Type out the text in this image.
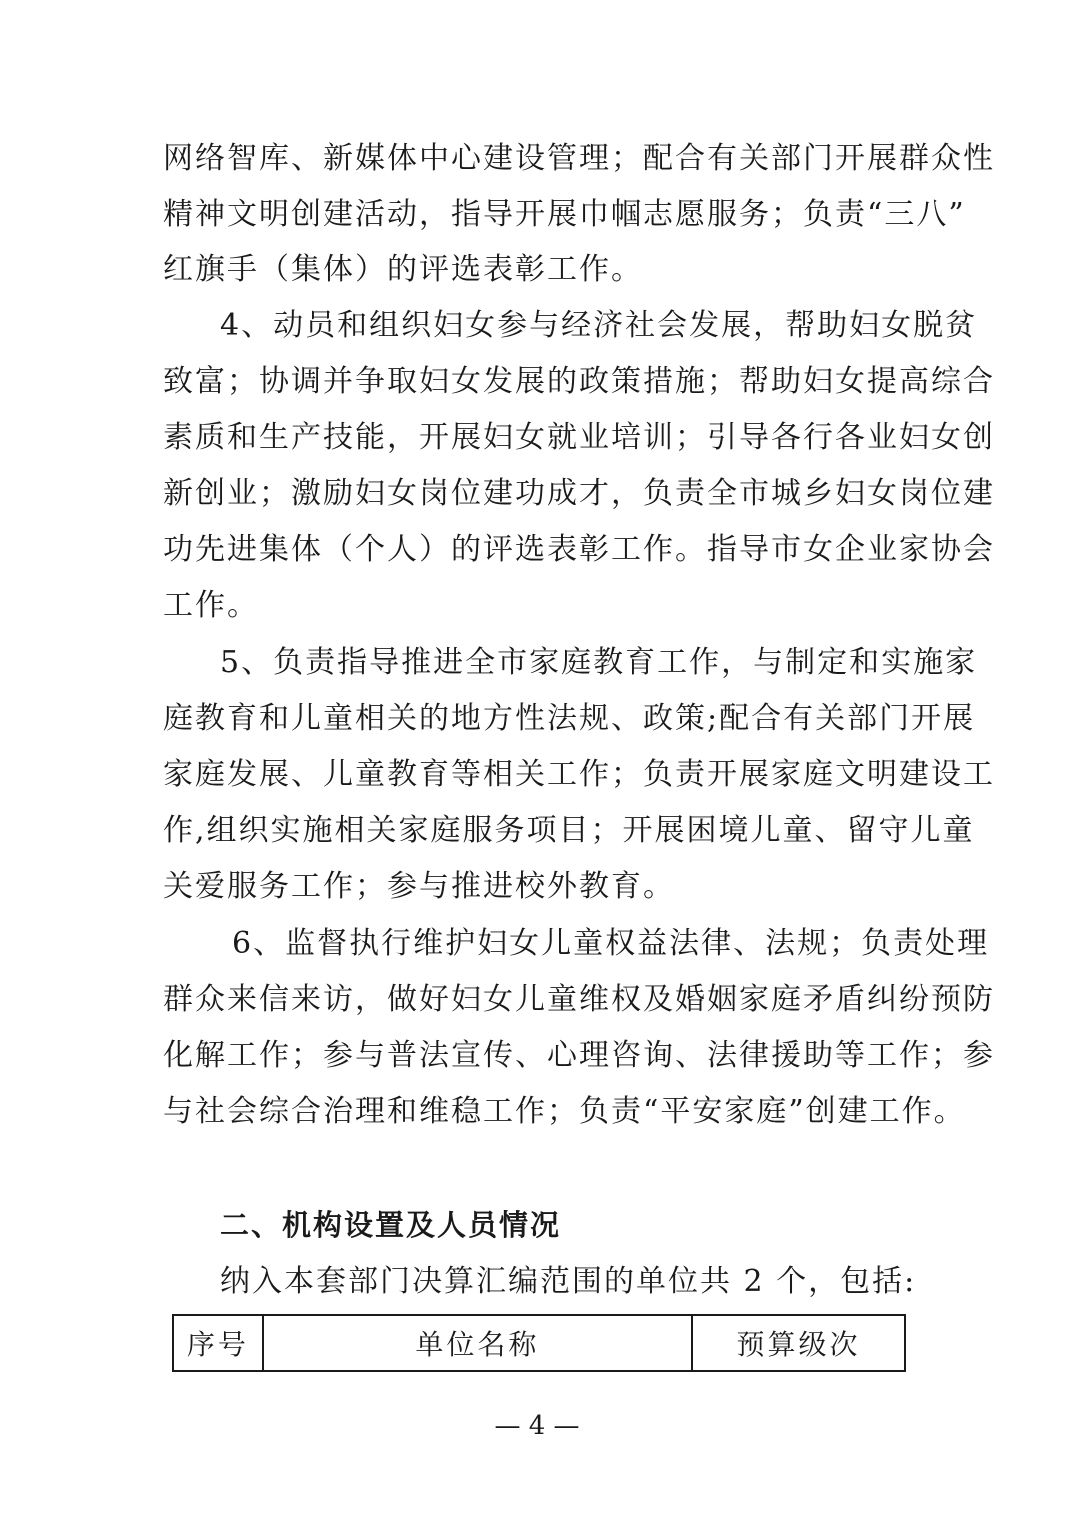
网络智库、新媒体中心建设管理；配合有关部门开展群众性
精神文明创建活动，指导开展巾帼志愿服务；负责“三八”
红旗手（集体）的评选表彰工作。
4、动员和组织妇女参与经济社会发展，帮助妇女脱贫
致富；协调并争取妇女发展的政策措施；帮助妇女提高综合
素质和生产技能，开展妇女就业培训；引导各行各业妇女创
新创业；激励妇女岗位建功成才，负责全市城乡妇女岗位建
功先进集体（个人）的评选表彰工作。指导市女企业家协会
工作。
5、负责指导推进全市家庭教育工作，与制定和实施家
庭教育和儿童相关的地方性法规、政策;配合有关部门开展
家庭发展、儿童教育等相关工作；负责开展家庭文明建设工
作,组织实施相关家庭服务项目；开展困境儿童、留守儿童
关爱服务工作；参与推进校外教育。
6、监督执行维护妇女儿童权益法律、法规；负责处理
群众来信来访，做好妇女儿童维权及婚姻家庭矛盾纠纷预防
化解工作；参与普法宣传、心理咨询、法律援助等工作；参
与社会综合治理和维稳工作；负责“平安家庭”创建工作。
二、机构设置及人员情况
纳入本套部门决算汇编范围的单位共 2 个，包括:
序号	单位名称	预算级次
— 4 —
